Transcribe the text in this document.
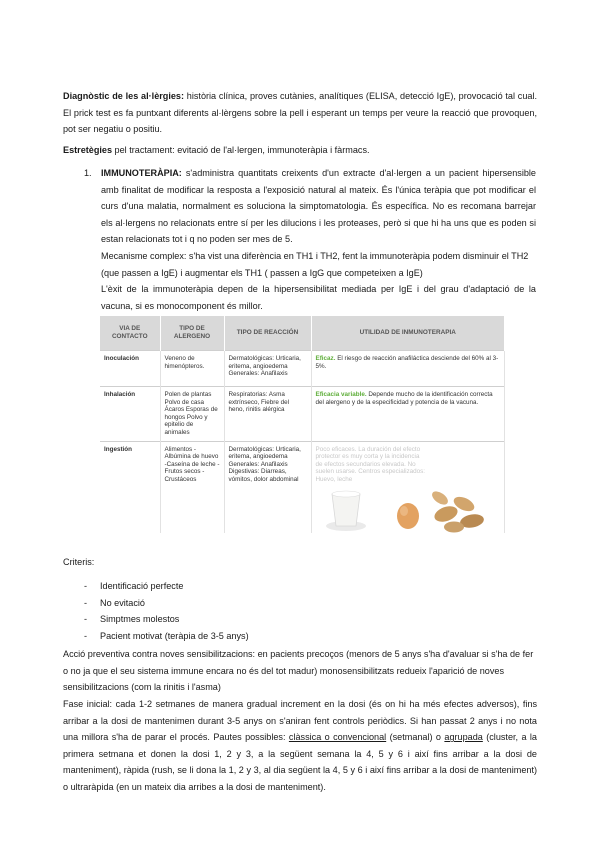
Diagnòstic de les al·lèrgies: història clínica, proves cutànies, analítiques (ELISA, detecció IgE), provocació tal cual. El prick test es fa puntxant diferents al·lèrgens sobre la pell i esperant un temps per veure la reacció que provoquen, pot ser negatiu o positiu.

Estretègies pel tractament: evitació de l'al·lergen, immunoteràpia i fàrmacs.

1. IMMUNOTERÀPIA: s'administra quantitats creixents d'un extracte d'al·lergen a un pacient hipersensible amb finalitat de modificar la resposta a l'exposició natural al mateix. És l'única teràpia que pot modificar el curs d'una malatia, normalment es soluciona la simptomatologia. És específica. No es recomana barrejar els al·lergens no relacionats entre sí per les dilucions i les proteases, però si que hi ha uns que es poden si estan relacionats tot i q no poden ser mes de 5.

Mecanisme complex: s'ha vist una diferència en TH1 i TH2, fent la immunoteràpia podem disminuir el TH2 (que passen a IgE) i augmentar els TH1 ( passen a IgG que competeixen a IgE)

L'èxit de la immunoteràpia depen de la hipersensibilitat mediada per IgE i del grau d'adaptació de la vacuna, si es monocomponent és millor.

VIA DE CONTACTO	TIPO DE ALERGENO	TIPO DE REACCIÓN	UTILIDAD DE INMUNOTERAPIA
Inoculación	Veneno de himenópteros.	Dermatológicas: Urticaria, eritema, angioedema Generales: Anafilaxis	Eficaz. El riesgo de reacción anafiláctica desciende del 60% al 3-5%.
Inhalación	Polen de plantas Polvo de casa Ácaros Esporas de hongos Polvo y epitelio de animales	Respiratorias: Asma extrínseco, Fiebre del heno, rinitis alérgica	Eficacia variable. Depende mucho de la identificación correcta del alergeno y de la especificidad y potencia de la vacuna.
Ingestión	Alimentos -Albúmina de huevo -Caseína de leche -Frutos secos -Crustáceos	Dermatológicas: Urticaria, eritema, angioedema Generales: Anafilaxis Digestivas: Diarreas, vómitos, dolor abdominal	Poco eficaces. La duración del efecto protector es muy corta y la incidencia de efectos secundarios elevada. No suelen usarse. Centros especializados: Huevo, leche
Criteris:
- Identificació perfecte
- No evitació
- Simptmes molestos
- Pacient motivat (teràpia de 3-5 anys)

Acció preventiva contra noves sensibilitzacions: en pacients precoços (menors de 5 anys s'ha d'avaluar si s'ha de fer o no ja que el seu sistema immune encara no és del tot madur) monosensibilitzats redueix l'aparició de noves sensibilitzacions (com la rinitis i l'asma)

Fase inicial: cada 1-2 setmanes de manera gradual increment en la dosi (és on hi ha més efectes adversos), fins arribar a la dosi de mantenimen durant 3-5 anys on s'aniran fent controls periòdics. Si han passat 2 anys i no nota una millora s'ha de parar el procés. Pautes possibles: clàssica o convencional (setmanal) o agrupada (cluster, a la primera setmana et donen la dosi 1, 2 y 3, a la següent semana la 4, 5 y 6 i així fins arribar a la dosi de manteniment), ràpida (rush, se li dona la 1, 2 y 3, al dia següent la 4, 5 y 6 i així fins arribar a la dosi de manteniment) o ultraràpida (en un mateix dia arribes a la dosi de manteniment).
